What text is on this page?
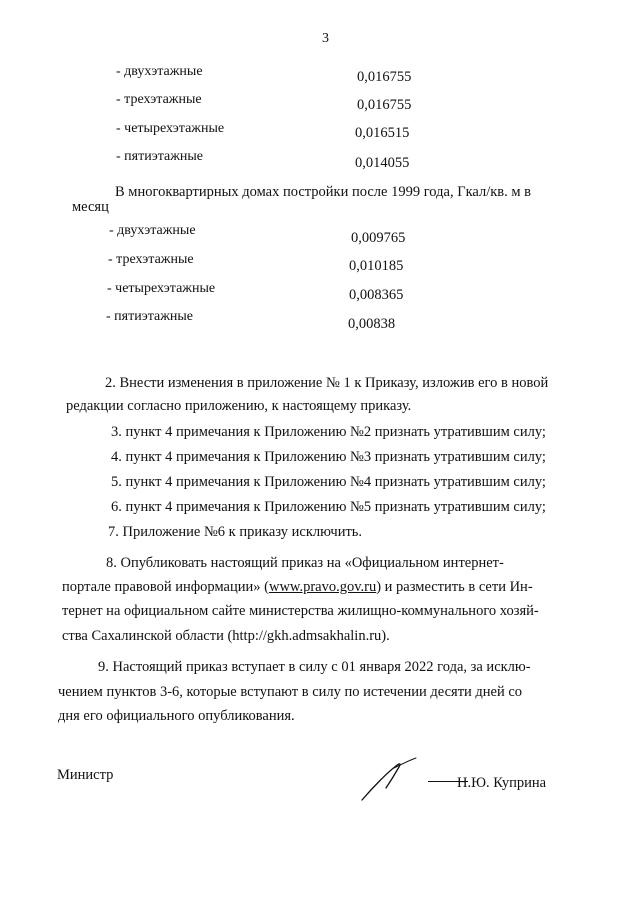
3
- двухэтажные	0,016755
- трехэтажные	0,016755
- четырехэтажные	0,016515
- пятиэтажные	0,014055
В многоквартирных домах постройки после 1999 года, Гкал/кв. м в
месяц
- двухэтажные	0,009765
- трехэтажные	0,010185
- четырехэтажные	0,008365
- пятиэтажные	0,00838
2. Внести изменения в приложение № 1 к Приказу, изложив его в новой
редакции согласно приложению, к настоящему приказу.
3. пункт 4 примечания к Приложению №2 признать утратившим силу;
4. пункт 4 примечания к Приложению №3 признать утратившим силу;
5. пункт 4 примечания к Приложению №4 признать утратившим силу;
6. пункт 4 примечания к Приложению №5 признать утратившим силу;
7. Приложение №6 к приказу исключить.
8. Опубликовать настоящий приказ на «Официальном интернет-
портале правовой информации» (www.pravo.gov.ru) и разместить в сети Ин-
тернет на официальном сайте министерства жилищно-коммунального хозяй-
ства Сахалинской области (http://gkh.admsakhalin.ru).
9. Настоящий приказ вступает в силу с 01 января 2022 года, за исклю-
чением пунктов 3-6, которые вступают в силу по истечении десяти дней со
дня его официального опубликования.
Министр	Н.Ю. Куприна
